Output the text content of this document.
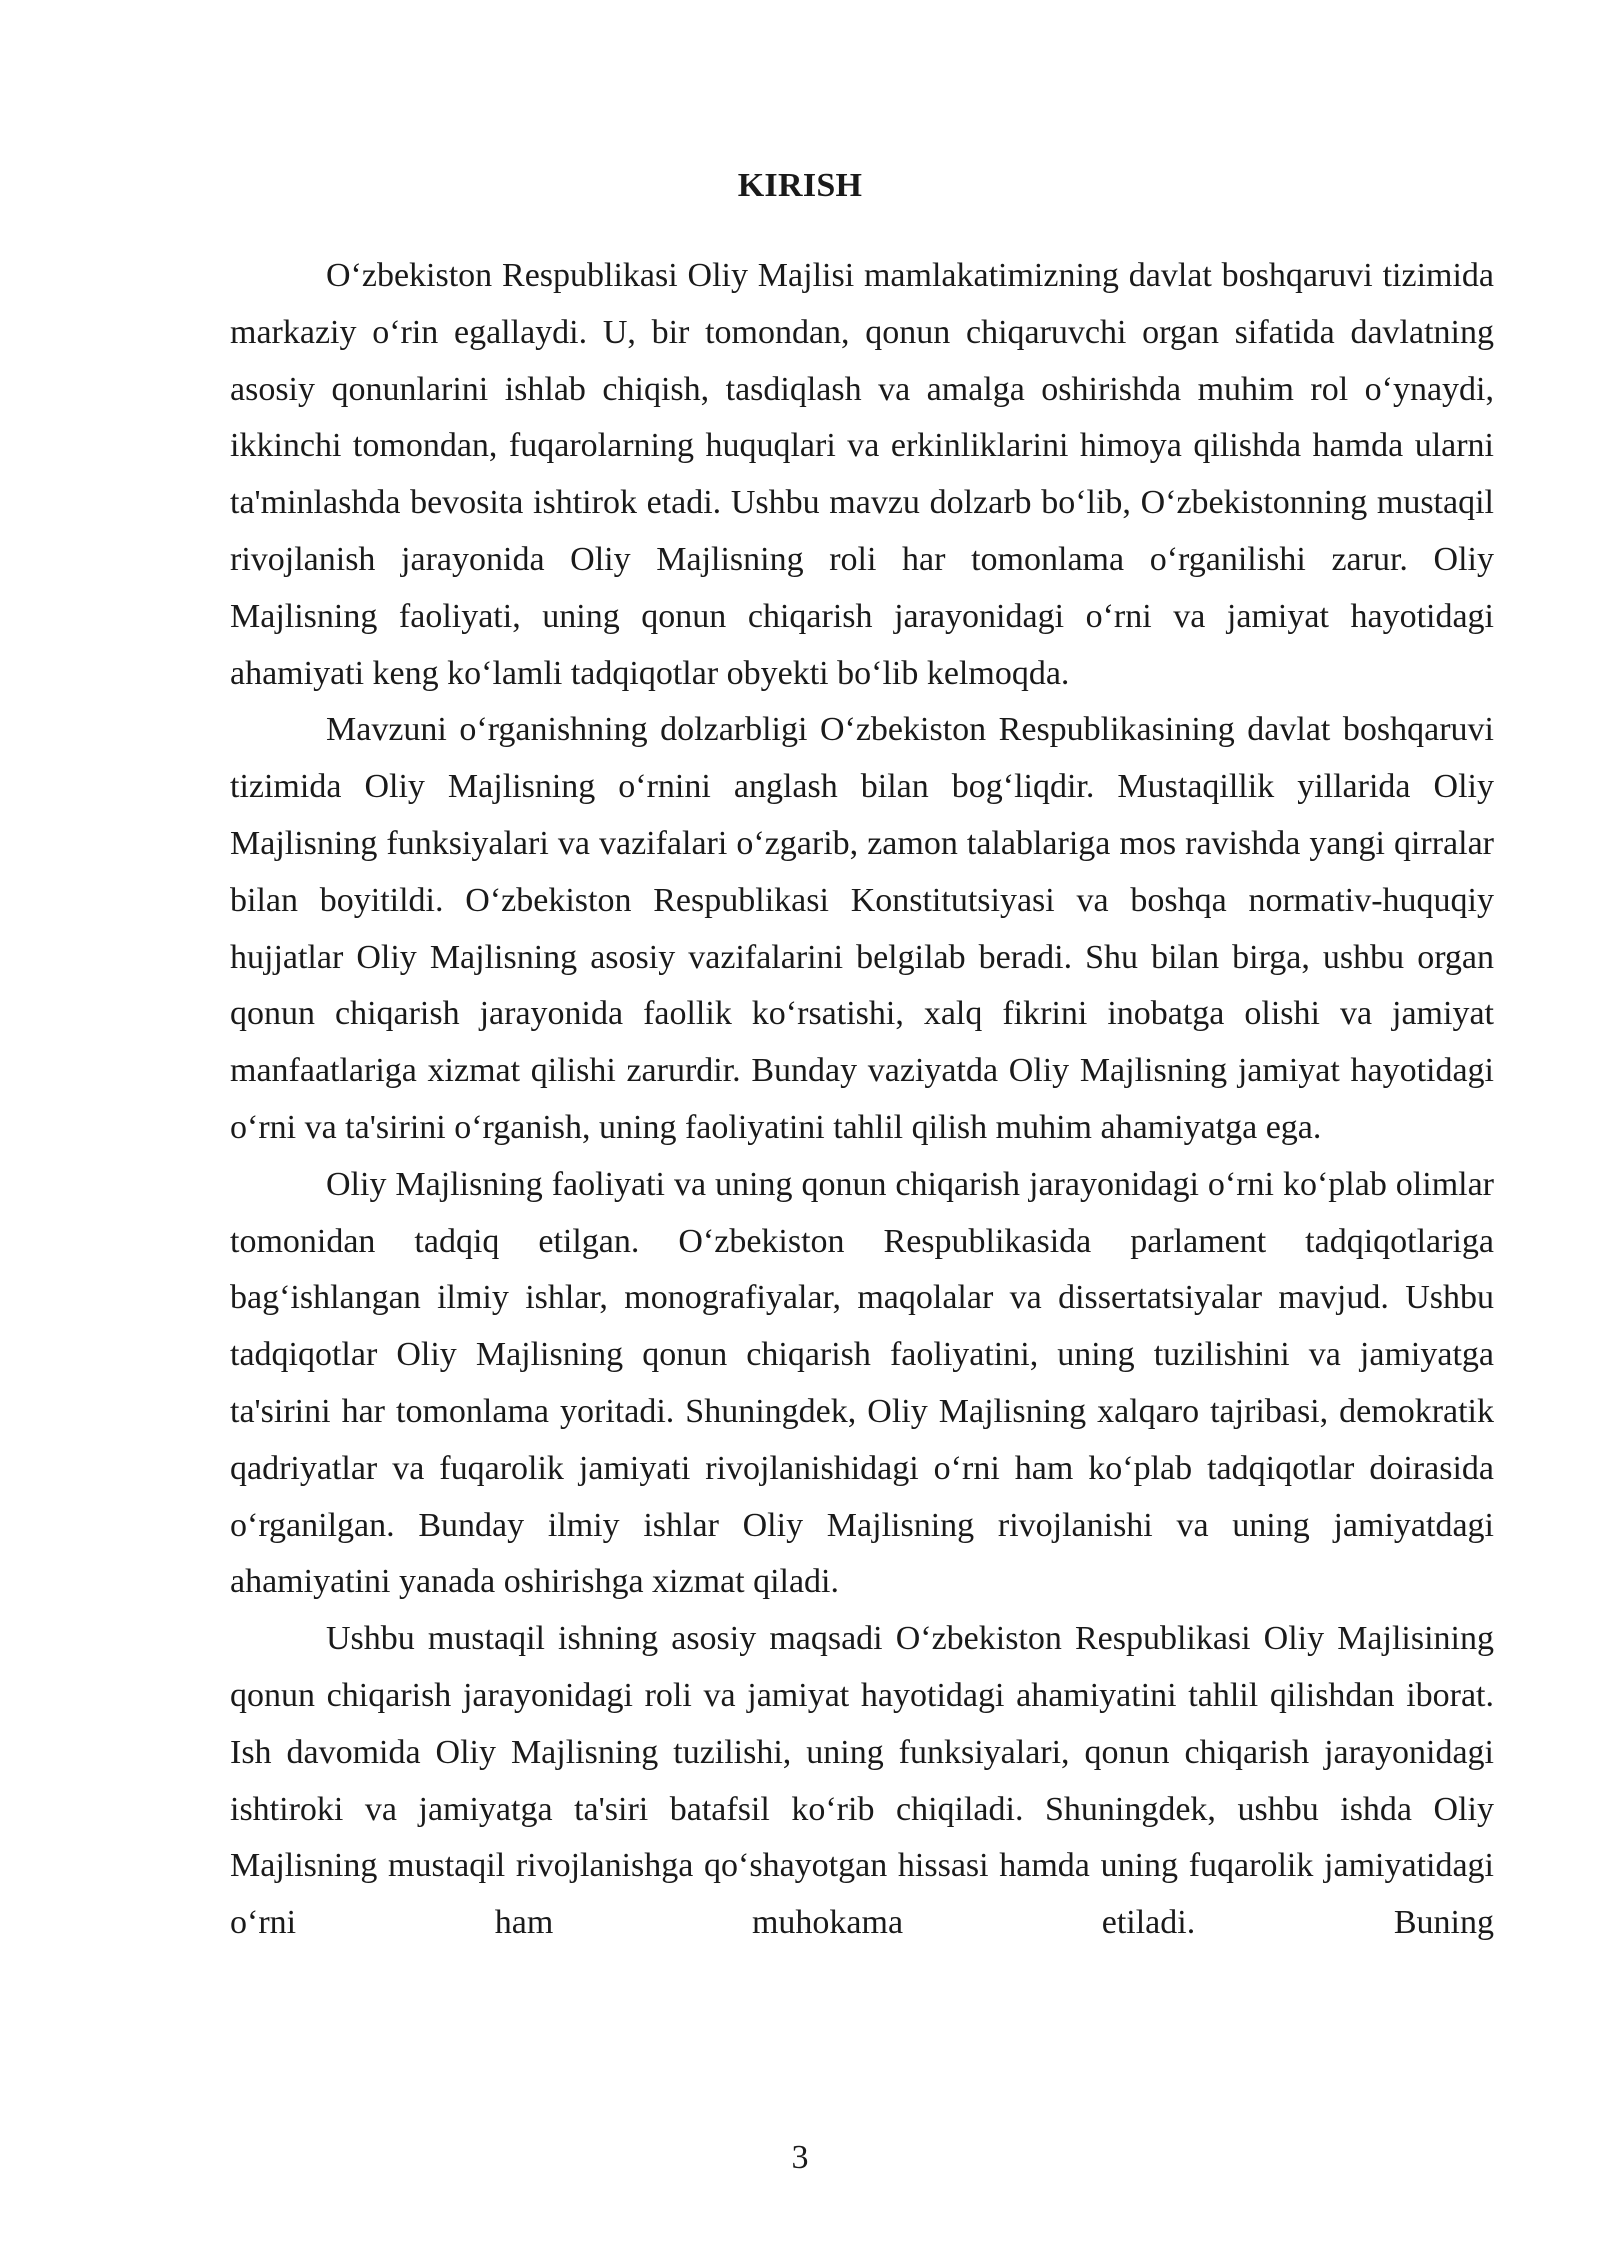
KIRISH

O‘zbekiston Respublikasi Oliy Majlisi mamlakatimizning davlat boshqaruvi tizimida markaziy o‘rin egallaydi. U, bir tomondan, qonun chiqaruvchi organ sifatida davlatning asosiy qonunlarini ishlab chiqish, tasdiqlash va amalga oshirishda muhim rol o‘ynaydi, ikkinchi tomondan, fuqarolarning huquqlari va erkinliklarini himoya qilishda hamda ularni ta'minlashda bevosita ishtirok etadi. Ushbu mavzu dolzarb bo‘lib, O‘zbekistonning mustaqil rivojlanish jarayonida Oliy Majlisning roli har tomonlama o‘rganilishi zarur. Oliy Majlisning faoliyati, uning qonun chiqarish jarayonidagi o‘rni va jamiyat hayotidagi ahamiyati keng ko‘lamli tadqiqotlar obyekti bo‘lib kelmoqda.

Mavzuni o‘rganishning dolzarbligi O‘zbekiston Respublikasining davlat boshqaruvi tizimida Oliy Majlisning o‘rnini anglash bilan bog‘liqdir. Mustaqillik yillarida Oliy Majlisning funksiyalari va vazifalari o‘zgarib, zamon talablariga mos ravishda yangi qirralar bilan boyitildi. O‘zbekiston Respublikasi Konstitutsiyasi va boshqa normativ-huquqiy hujjatlar Oliy Majlisning asosiy vazifalarini belgilab beradi. Shu bilan birga, ushbu organ qonun chiqarish jarayonida faollik ko‘rsatishi, xalq fikrini inobatga olishi va jamiyat manfaatlariga xizmat qilishi zarurdir. Bunday vaziyatda Oliy Majlisning jamiyat hayotidagi o‘rni va ta'sirini o‘rganish, uning faoliyatini tahlil qilish muhim ahamiyatga ega.

Oliy Majlisning faoliyati va uning qonun chiqarish jarayonidagi o‘rni ko‘plab olimlar tomonidan tadqiq etilgan. O‘zbekiston Respublikasida parlament tadqiqotlariga bag‘ishlangan ilmiy ishlar, monografiyalar, maqolalar va dissertatsiyalar mavjud. Ushbu tadqiqotlar Oliy Majlisning qonun chiqarish faoliyatini, uning tuzilishini va jamiyatga ta'sirini har tomonlama yoritadi. Shuningdek, Oliy Majlisning xalqaro tajribasi, demokratik qadriyatlar va fuqarolik jamiyati rivojlanishidagi o‘rni ham ko‘plab tadqiqotlar doirasida o‘rganilgan. Bunday ilmiy ishlar Oliy Majlisning rivojlanishi va uning jamiyatdagi ahamiyatini yanada oshirishga xizmat qiladi.

Ushbu mustaqil ishning asosiy maqsadi O‘zbekiston Respublikasi Oliy Majlisining qonun chiqarish jarayonidagi roli va jamiyat hayotidagi ahamiyatini tahlil qilishdan iborat. Ish davomida Oliy Majlisning tuzilishi, uning funksiyalari, qonun chiqarish jarayonidagi ishtiroki va jamiyatga ta'siri batafsil ko‘rib chiqiladi. Shuningdek, ushbu ishda Oliy Majlisning mustaqil rivojlanishga qo‘shayotgan hissasi hamda uning fuqarolik jamiyatidagi o‘rni ham muhokama etiladi. Buning

3
